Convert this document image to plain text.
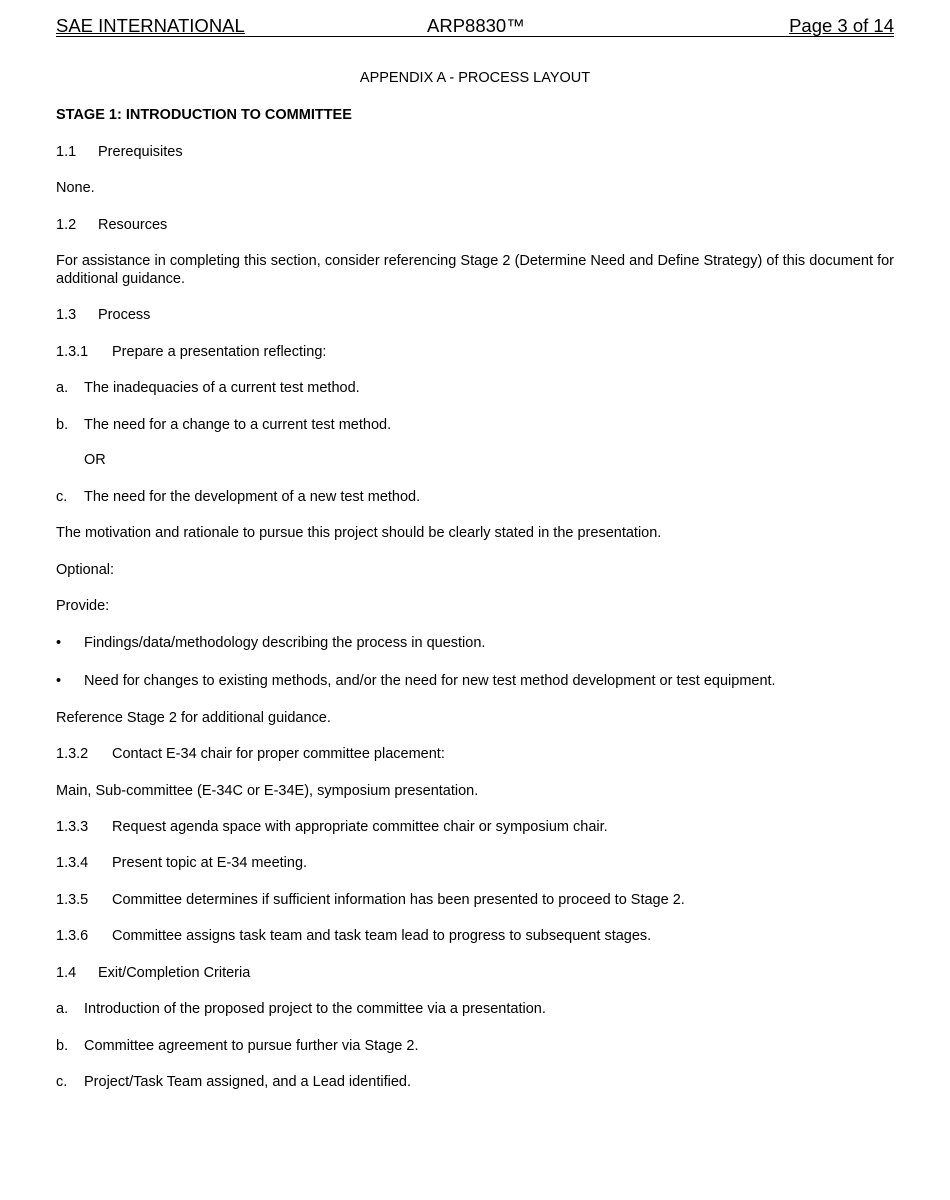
SAE INTERNATIONAL	ARP8830™	Page 3 of 14
APPENDIX A - PROCESS LAYOUT
STAGE 1: INTRODUCTION TO COMMITTEE
1.1 Prerequisites
None.
1.2 Resources
For assistance in completing this section, consider referencing Stage 2 (Determine Need and Define Strategy) of this document for additional guidance.
1.3 Process
1.3.1 Prepare a presentation reflecting:
a. The inadequacies of a current test method.
b. The need for a change to a current test method.
OR
c. The need for the development of a new test method.
The motivation and rationale to pursue this project should be clearly stated in the presentation.
Optional:
Provide:
• Findings/data/methodology describing the process in question.
• Need for changes to existing methods, and/or the need for new test method development or test equipment.
Reference Stage 2 for additional guidance.
1.3.2 Contact E-34 chair for proper committee placement:
Main, Sub-committee (E-34C or E-34E), symposium presentation.
1.3.3 Request agenda space with appropriate committee chair or symposium chair.
1.3.4 Present topic at E-34 meeting.
1.3.5 Committee determines if sufficient information has been presented to proceed to Stage 2.
1.3.6 Committee assigns task team and task team lead to progress to subsequent stages.
1.4 Exit/Completion Criteria
a. Introduction of the proposed project to the committee via a presentation.
b. Committee agreement to pursue further via Stage 2.
c. Project/Task Team assigned, and a Lead identified.
